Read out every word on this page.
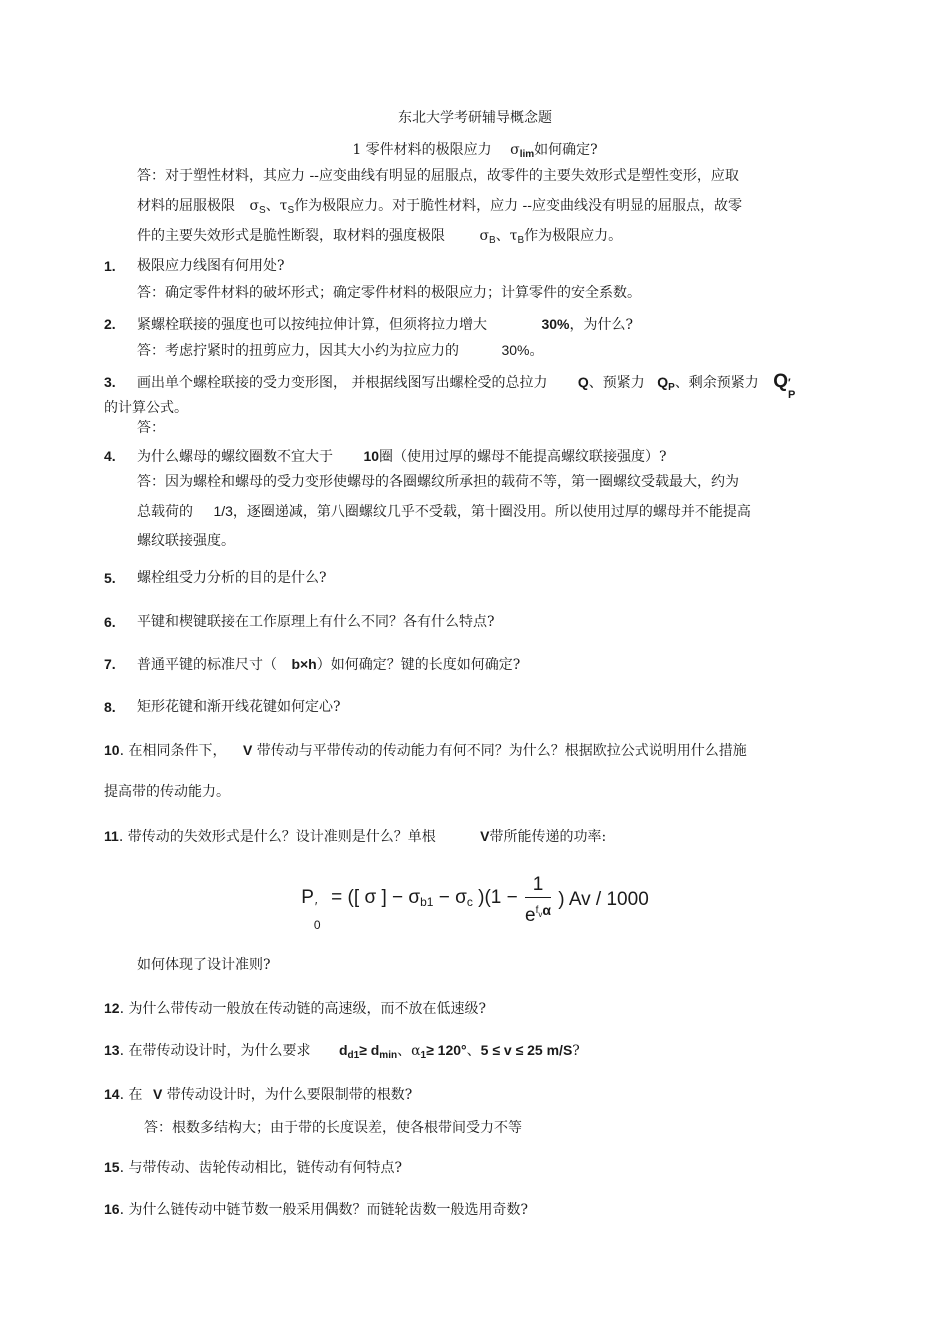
东北大学考研辅导概念题
1 零件材料的极限应力 $\sigma_{lim}$如何确定?
答：对于塑性材料，其应力 --应变曲线有明显的屈服点，故零件的主要失效形式是塑性变形，应取
材料的屈服极限 $\sigma_S$、$\tau_S$作为极限应力。对于脆性材料，应力 --应变曲线没有明显的屈服点，故零
件的主要失效形式是脆性断裂，取材料的强度极限 $\sigma_B$、$\tau_B$作为极限应力。
1. 极限应力线图有何用处?
答：确定零件材料的破坏形式；确定零件材料的极限应力；计算零件的安全系数。
2. 紧螺栓联接的强度也可以按纯拉伸计算，但须将拉力增大	30%，为什么?
答：考虑拧紧时的扭剪应力，因其大小约为拉应力的	30%。
3. 画出单个螺栓联接的受力变形图， 并根据线图写出螺栓受的总拉力 Q、预紧力 $Q_P$、剩余预紧力 Q ′
P
的计算公式。
答：
4. 为什么螺母的螺纹圈数不宜大于 10圈（使用过厚的螺母不能提高螺纹联接强度）?
答：因为螺栓和螺母的受力变形使螺母的各圈螺纹所承担的载荷不等，第一圈螺纹受载最大，约为
总载荷的 1/3，逐圈递减，第八圈螺纹几乎不受载，第十圈没用。所以使用过厚的螺母并不能提高
螺纹联接强度。
5. 螺栓组受力分析的目的是什么?
6. 平键和楔键联接在工作原理上有什么不同？各有什么特点?
7. 普通平键的标准尺寸（ b×h）如何确定？键的长度如何确定?
8. 矩形花键和渐开线花键如何定心?
10. 在相同条件下， V 带传动与平带传动的传动能力有何不同？为什么？根据欧拉公式说明用什么措施
提高带的传动能力。
11. 带传动的失效形式是什么？设计准则是什么？单根	V带所能传递的功率:
P ′
0
= ([ σ ] − $\sigma_{b1} - \sigma_c$ )($1 - \frac{1}{e^{fv\alpha}}$ ) Av / 1000
如何体现了设计准则?
12. 为什么带传动一般放在传动链的高速级，而不放在低速级?
13. 在带传动设计时，为什么要求 $d_{d1}\ge d_{min}$、$\alpha_1\ge 120^\circ$、5 ≤ v ≤ 25 m/S?
14. 在 V 带传动设计时，为什么要限制带的根数?
答：根数多结构大；由于带的长度误差，使各根带间受力不等
15. 与带传动、齿轮传动相比，链传动有何特点?
16. 为什么链传动中链节数一般采用偶数？而链轮齿数一般选用奇数?
